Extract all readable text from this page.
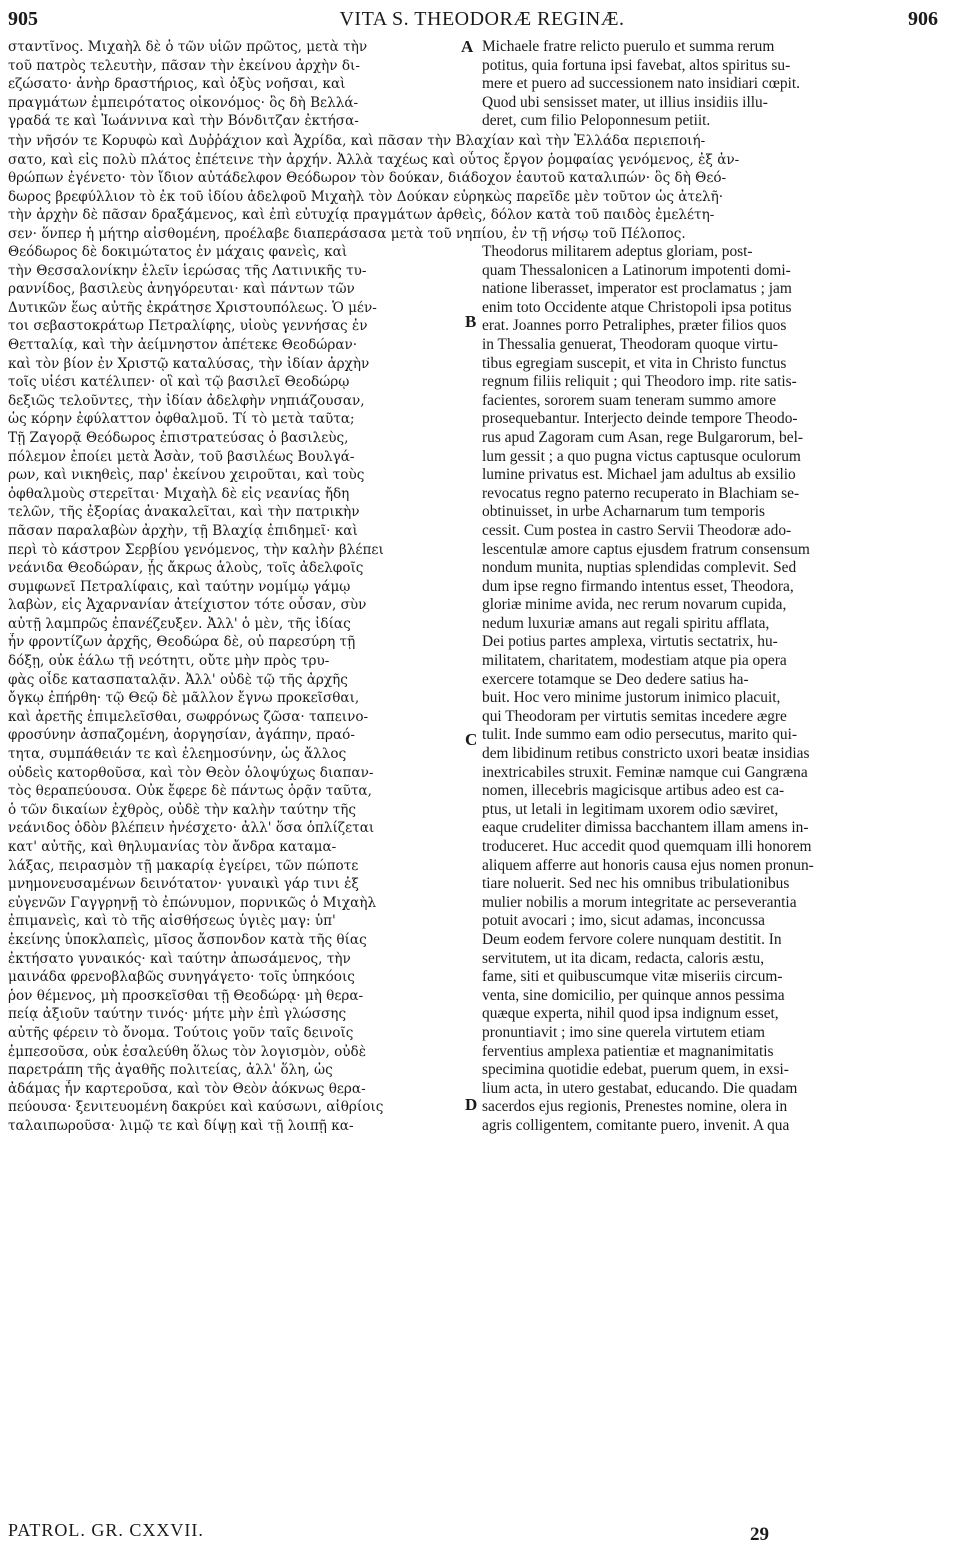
905	VITA S. THEODORÆ REGINÆ.	906
σταντῖνος. Μιχαὴλ δὲ ὁ τῶν υἱῶν πρῶτος, μετὰ τὴν
τοῦ πατρὸς τελευτὴν, πᾶσαν τὴν ἐκείνου ἀρχὴν δι-
εζώσατο· ἀνὴρ δραστήριος, καὶ ὀξὺς νοῆσαι, καὶ
πραγμάτων ἐμπειρότατος οἰκονόμος· ὃς δὴ Βελλά-
γραδά τε καὶ Ἰωάννινα καὶ τὴν Βόνδιτζαν ἐκτήσα-
A Michaele fratre relicto puerulo et summa rerum
potitus, quia fortuna ipsi favebat, altos spiritus su-
mere et puero ad successionem nato insidiari cœpit.
Quod ubi sensisset mater, ut illius insidiis illu-
deret, cum filio Peloponnesum petiit.
τὴν νῆσόν τε Κορυφὼ καὶ Δυῤῥάχιον καὶ Ἀχρίδα, καὶ πᾶσαν τὴν Βλαχίαν καὶ τὴν Ἑλλάδα περιεποιή-
σατο, καὶ εἰς πολὺ πλάτος ἐπέτεινε τὴν ἀρχήν. Ἀλλὰ ταχέως καὶ οὗτος ἔργον ῥομφαίας γενόμενος, ἐξ ἀν-
θρώπων ἐγένετο· τὸν ἴδιον αὐτάδελφον Θεόδωρον τὸν δούκαν, διάδοχον ἑαυτοῦ καταλιπών· ὃς δὴ Θεό-
δωρος βρεφύλλιον τὸ ἐκ τοῦ ἰδίου ἀδελφοῦ Μιχαὴλ τὸν Δούκαν εὑρηκὼς παρεῖδε μὲν τοῦτον ὡς ἀτελῆ·
τὴν ἀρχὴν δὲ πᾶσαν δραξάμενος, καὶ ἐπὶ εὐτυχίᾳ πραγμάτων ἀρθεὶς, δόλον κατὰ τοῦ παιδὸς ἐμελέτη-
σεν· ὅνπερ ἡ μήτηρ αἰσθομένη, προέλαβε διαπεράσασα μετὰ τοῦ νηπίου, ἐν τῇ νήσῳ τοῦ Πέλοπος.
Θεόδωρος δὲ δοκιμώτατος ἐν μάχαις φανεὶς, καὶ
τὴν Θεσσαλονίκην ἑλεῖν ἱερώσας τῆς Λατινικῆς τυ-
ραννίδος, βασιλεὺς ἀνηγόρευται· καὶ πάντων τῶν
Δυτικῶν ἕως αὐτῆς ἐκράτησε Χριστουπόλεως. Ὁ μέν-
τοι σεβαστοκράτωρ Πετραλίφης, υἱοὺς γεννήσας ἐν
Θετταλίᾳ, καὶ τὴν ἀείμνηστον ἀπέτεκε Θεοδώραν·
καὶ τὸν βίον ἐν Χριστῷ καταλύσας, τὴν ἰδίαν ἀρχὴν
τοῖς υἱέσι κατέλιπεν· οἳ καὶ τῷ βασιλεῖ Θεοδώρῳ
δεξιῶς τελοῦντες, τὴν ἰδίαν ἀδελφὴν νηπιάζουσαν,
ὡς κόρην ἐφύλαττον ὀφθαλμοῦ. Τί τὸ μετὰ ταῦτα;
Τῇ Ζαγορᾷ Θεόδωρος ἐπιστρατεύσας ὁ βασιλεὺς,
πόλεμον ἐποίει μετὰ Ἀσὰν, τοῦ βασιλέως Βουλγά-
ρων, καὶ νικηθεὶς, παρ' ἐκείνου χειροῦται, καὶ τοὺς
ὀφθαλμοὺς στερεῖται· Μιχαὴλ δὲ εἰς νεανίας ἤδη
τελῶν, τῆς ἐξορίας ἀνακαλεῖται, καὶ τὴν πατρικὴν
πᾶσαν παραλαβὼν ἀρχὴν, τῇ Βλαχίᾳ ἐπιδημεῖ· καὶ
περὶ τὸ κάστρον Σερβίου γενόμενος, τὴν καλὴν βλέπει
νεάνιδα Θεοδώραν, ᾗς ἄκρως ἁλοὺς, τοῖς ἀδελφοῖς
συμφωνεῖ Πετραλίφαις, καὶ ταύτην νομίμῳ γάμῳ
λαβὼν, εἰς Ἀχαρνανίαν ἀτείχιστον τότε οὖσαν, σὺν
αὐτῇ λαμπρῶς ἐπανέζευξεν. Ἀλλ' ὁ μὲν, τῆς ἰδίας
ἦν φροντίζων ἀρχῆς, Θεοδώρα δὲ, οὐ παρεσύρη τῇ
δόξῃ, οὐκ ἑάλω τῇ νεότητι, οὔτε μὴν πρὸς τρυ-
φὰς οἶδε κατασπαταλᾷν. Ἀλλ' οὐδὲ τῷ τῆς ἀρχῆς
ὄγκῳ ἐπήρθη· τῷ Θεῷ δὲ μᾶλλον ἔγνω προκεῖσθαι,
καὶ ἀρετῆς ἐπιμελεῖσθαι, σωφρόνως ζῶσα· ταπεινο-
φροσύνην ἀσπαζομένη, ἀοργησίαν, ἀγάπην, πραό-
τητα, συμπάθειάν τε καὶ ἐλεημοσύνην, ὡς ἄλλος
οὐδεὶς κατορθοῦσα, καὶ τὸν Θεὸν ὁλοψύχως διαπαν-
τὸς θεραπεύουσα. Οὐκ ἔφερε δὲ πάντως ὁρᾷν ταῦτα,
ὁ τῶν δικαίων ἐχθρὸς, οὐδὲ τὴν καλὴν ταύτην τῆς
νεάνιδος ὁδὸν βλέπειν ἠνέσχετο· ἀλλ' ὅσα ὁπλίζεται
κατ' αὐτῆς, καὶ θηλυμανίας τὸν ἄνδρα καταμα-
λάξας, πειρασμὸν τῇ μακαρίᾳ ἐγείρει, τῶν πώποτε
μνημονευσαμένων δεινότατον· γυναικὶ γάρ τινι ἐξ
εὐγενῶν Γαγγρηνῇ τὸ ἐπώνυμον, πορνικῶς ὁ Μιχαὴλ
ἐπιμανεὶς, καὶ τὸ τῆς αἰσθήσεως ὑγιὲς μαγ: ὑπ'
ἐκείνης ὑποκλαπεὶς, μῖσος ἄσπονδον κατὰ τῆς θίας
ἐκτήσατο γυναικός· καὶ ταύτην ἀπωσάμενος, τὴν
μαινάδα φρενοβλαβῶς συνηγάγετο· τοῖς ὑπηκόοις
ῥον θέμενος, μὴ προσκεῖσθαι τῇ Θεοδώρᾳ· μὴ θερα-
πείᾳ ἀξιοῦν ταύτην τινός· μήτε μὴν ἐπὶ γλώσσης
αὐτῆς φέρειν τὸ ὄνομα. Τούτοις γοῦν ταῖς δεινοῖς
ἐμπεσοῦσα, οὐκ ἐσαλεύθη ὅλως τὸν λογισμὸν, οὐδὲ
παρετράπη τῆς ἀγαθῆς πολιτείας, ἀλλ' ὅλη, ὡς
ἀδάμας ἦν καρτεροῦσα, καὶ τὸν Θεὸν ἀόκνως θερα-
πεύουσα· ξενιτευομένη δακρύει καὶ καύσωνι, αἰθρίοις
ταλαιπωροῦσα· λιμῷ τε καὶ δίψῃ καὶ τῇ λοιπῇ κα-
Theodorus militarem adeptus gloriam, post-
quam Thessalonicen a Latinorum impotenti domi-
natione liberasset, imperator est proclamatus ; jam
enim toto Occidente atque Christopoli ipsa potitus
erat. Joannes porro Petraliphes, præter filios quos
in Thessalia genuerat, Theodoram quoque virtu-
tibus egregiam suscepit, et vita in Christo functus
regnum filiis reliquit ; qui Theodoro imp. rite satis-
facientes, sororem suam teneram summo amore
prosequebantur. Interjecto deinde tempore Theodo-
rus apud Zagoram cum Asan, rege Bulgarorum, bel-
lum gessit ; a quo pugna victus captusque oculorum
lumine privatus est. Michael jam adultus ab exsilio
revocatus regno paterno recuperato in Blachiam se-
obtinuisset, in urbe Acharnarum tum temporis
cessit. Cum postea in castro Servii Theodoræ ado-
lescentulæ amore captus ejusdem fratrum consensum
nondum munita, nuptias splendidas complevit. Sed
dum ipse regno firmando intentus esset, Theodora,
gloriæ minime avida, nec rerum novarum cupida,
nedum luxuriæ amans aut regali spiritu afflata,
Dei potius partes amplexa, virtutis sectatrix, hu-
militatem, charitatem, modestiam atque pia opera
exercere totamque se Deo dedere satius ha-
buit. Hoc vero minime justorum inimico placuit,
qui Theodoram per virtutis semitas incedere ægre
tulit. Inde summo eam odio persecutus, marito qui-
dem libidinum retibus constricto uxori beatæ insidias
inextricabiles struxit. Feminæ namque cui Gangræna
nomen, illecebris magicisque artibus adeo est ca-
ptus, ut letali in legitimam uxorem odio sæviret,
eaque crudeliter dimissa bacchantem illam amens in-
troduceret. Huc accedit quod quemquam illi honorem
aliquem afferre aut honoris causa ejus nomen pronun-
tiare noluerit. Sed nec his omnibus tribulationibus
mulier nobilis a morum integritate ac perseverantia
potuit avocari ; imo, sicut adamas, inconcussa
Deum eodem fervore colere nunquam destitit. In
servitutem, ut ita dicam, redacta, caloris æstu,
fame, siti et quibuscumque vitæ miseriis circum-
venta, sine domicilio, per quinque annos pessima
quæque experta, nihil quod ipsa indignum esset,
pronuntiavit ; imo sine querela virtutem etiam
ferventius amplexa patientiæ et magnanimitatis
specimina quotidie edebat, puerum quem, in exsi-
lium acta, in utero gestabat, educando. Die quadam
sacerdos ejus regionis, Prenestes nomine, olera in
agris colligentem, comitante puero, invenit. A qua
B
C
D
PATROL. GR. CXXVII.	29
